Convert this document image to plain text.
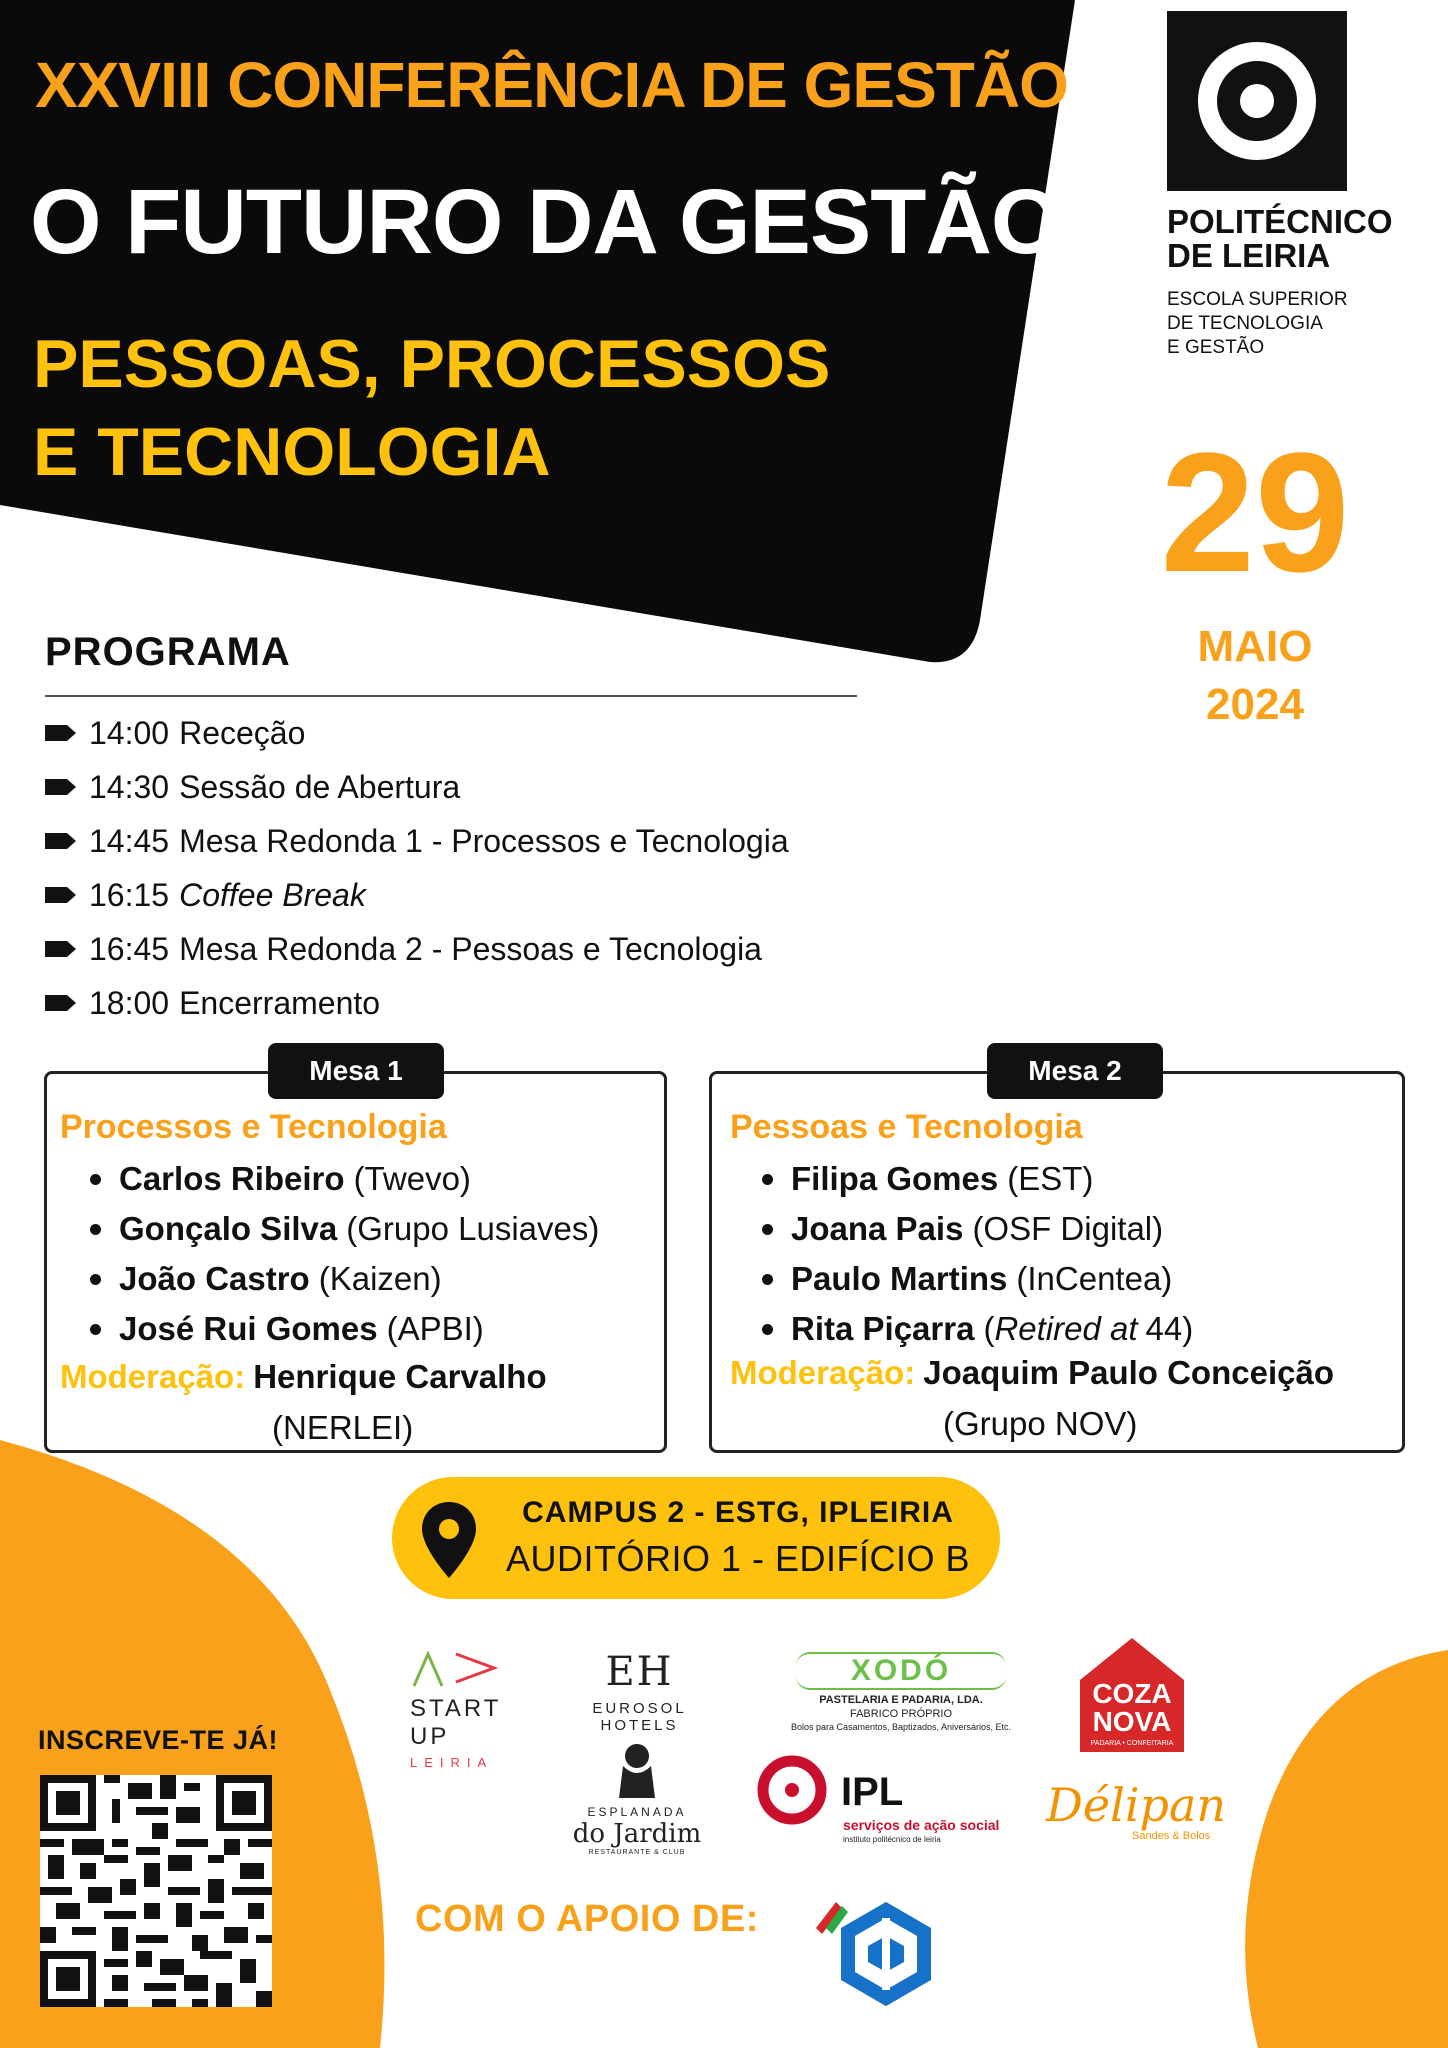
XXVIII CONFERÊNCIA DE GESTÃO
O FUTURO DA GESTÃO
PESSOAS, PROCESSOS E TECNOLOGIA
POLITÉCNICO
DE LEIRIA
ESCOLA SUPERIOR
DE TECNOLOGIA
E GESTÃO
29
MAIO
2024
PROGRAMA
14:00 Receção
14:30 Sessão de Abertura
14:45 Mesa Redonda 1 - Processos e Tecnologia
16:15 Coffee Break
16:45 Mesa Redonda 2 - Pessoas e Tecnologia
18:00 Encerramento
Mesa 1
Processos e Tecnologia
Carlos Ribeiro (Twevo)
Gonçalo Silva (Grupo Lusiaves)
João Castro (Kaizen)
José Rui Gomes (APBI)
Moderação: Henrique Carvalho
(NERLEI)
Mesa 2
Pessoas e Tecnologia
Filipa Gomes (EST)
Joana Pais (OSF Digital)
Paulo Martins (InCentea)
Rita Piçarra ( Retired at 44)
Moderação: Joaquim Paulo Conceição
(Grupo NOV)
CAMPUS 2 - ESTG, IPLEIRIA
AUDITÓRIO 1 - EDIFÍCIO B
INSCREVE-TE JÁ!
START
UP
LEIRIA
EH
EUROSOL HOTELS
XODÓ
PASTELARIA E PADARIA, LDA.
FABRICO PRÓPRIO
Bolos para Casamentos, Baptizados, Aniversários, Etc.
COZA
NOVA
PADARIA • CONFEITARIA
ESPLANADA
do Jardim
RESTAURANTE & CLUB
IPL
serviços de ação social
instituto politécnico de leiria
Délipan
Sandes & Bolos
COM O APOIO DE:
